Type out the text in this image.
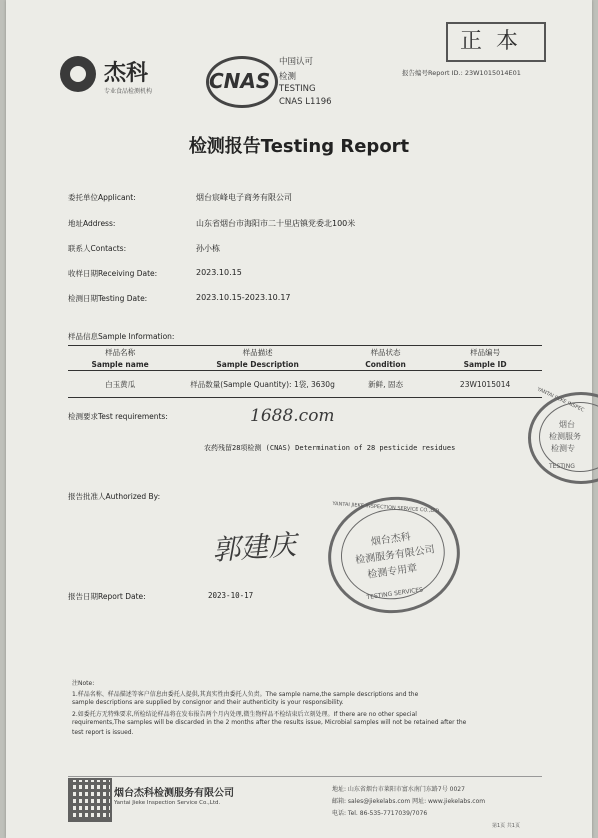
正本
杰科
专业食品检测机构	CNAS
中国认可
检测
TESTING
CNAS L1196
报告编号Report ID.: 23W1015014E01
检测报告Testing Report
委托单位Applicant:	烟台宸峰电子商务有限公司
地址Address:	山东省烟台市海阳市二十里店镇党委北100米
联系人Contacts:	孙小栋
收样日期Receiving Date:	2023.10.15
检测日期Testing Date:	2023.10.15-2023.10.17
样品信息Sample Information:
样品名称	样品描述	样品状态	样品编号
Sample name	Sample Description	Condition	Sample ID
白玉黄瓜	样品数量(Sample Quantity): 1袋, 3630g	新鲜, 固态	23W1015014
检测要求Test requirements:	1688.com
农药残留28项检测 (CNAS) Determination of 28 pesticide residues
烟台
检测服务
检测专
YANTAI JIEKE INSPEC
TESTING
报告批准人Authorized By:
郭建庆	烟台杰科
检测服务有限公司
检测专用章
YANTAI JIEKE INSPECTION SERVICE CO.,LTD
TESTING SERVICES
报告日期Report Date:	2023-10-17
注Note:
1.样品名称、样品描述等客户信息由委托人提供,其真实性由委托人负责。The sample name,the sample descriptions and the
sample descriptions are supplied by consignor and their authenticity is your responsibility.
2.如委托方无特殊要求,所检结论样品将在发布报告两个月内处理,微生物样品不检结束后立刻处理。If there are no other special
requirements,The samples will be discarded in the 2 months after the results issue, Microbial samples will not be retained after the
test report is issued.
烟台杰科检测服务有限公司
Yantai Jieke Inspection Service Co.,Ltd.
地址: 山东省烟台市莱阳市富水南门东路7号 0027
邮箱: sales@jiekelabs.com 网址: www.jiekelabs.com
电话: Tel. 86-535-7717039/7076
第1页 共1页
